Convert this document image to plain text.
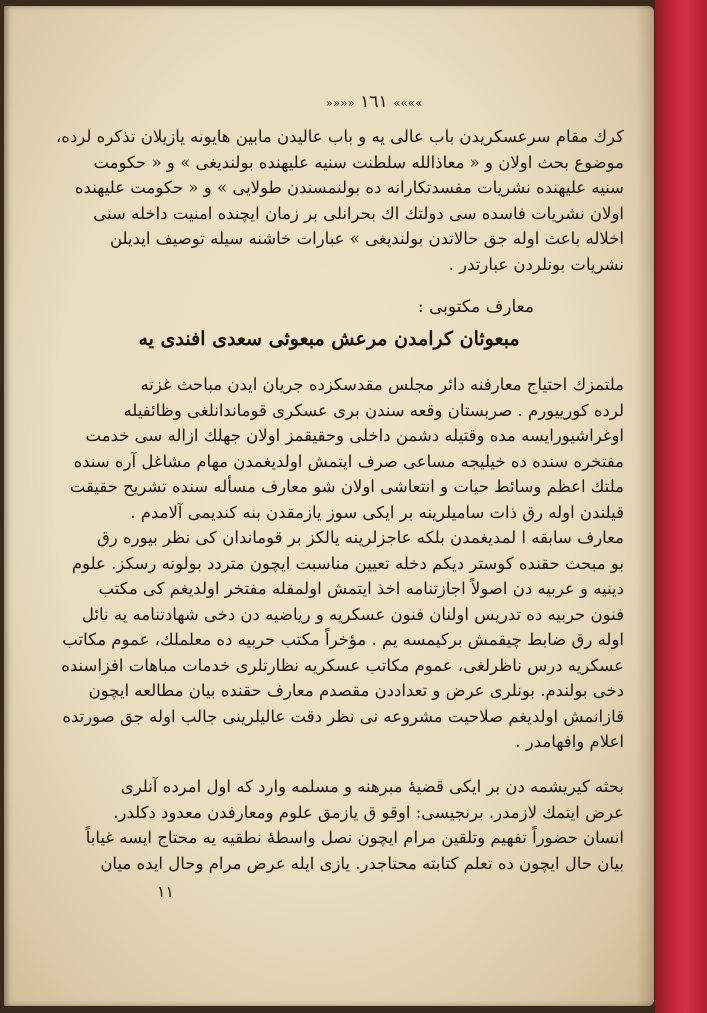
»»»» ١٦١ ««««
كرك مقام سرعسكريدن باب عالى يه و باب عاليدن مابين هايونه يازيلان تذكره لرده،
موضوع بحث اولان و « معاذالله سلطنت سنيه عليهنده بولنديغى » و « حكومت
سنيه عليهنده نشريات مفسدتكارانه ده بولنمسندن طولايى » و « حكومت عليهنده
اولان نشريات فاسده سى دولتك اك بحرانلى بر زمان ايچنده امنيت داخله سنى
اخلاله باعث اوله جق حالاتدن بولنديغى » عبارات خاشنه سيله توصيف ايديلن
نشريات بونلردن عبارتدر .
معارف مكتوبى :
مبعوثان كرامدن مرعش مبعوثى سعدى افندى يه
ملتمزك احتياج معارفنه دائر مجلس مقدسكزده جريان ايدن مباحث غزته
لرده كورييورم . صربستان وقعه سندن برى عسكرى قوماندانلغى وظائفيله
اوغراشيورايسه مده وقتيله دشمن داخلى وحقيقمز اولان جهلك ازاله سى خدمت
مفتخره سنده ده خيليجه مساعى صرف ايتمش اولديغمدن مهام مشاغل آره سنده
ملتك اعظم وسائط حيات و انتعاشى اولان شو معارف مسأله سنده تشريح حقيقت
قيلندن اوله رق ذات ساميلرينه بر ايكى سوز يازمقدن بنه كنديمى آلامدم .
معارف سابقه ا لمديغمدن بلكه عاجزلرينه يالكز بر قوماندان كى نظر بيوره رق
بو مبحث حقنده كوستر ديكم دخله تعيين مناسبت ايچون متردد بولونه رسكز. علوم
دينيه و عربيه دن اصولاً اجازتنامه اخذ ايتمش اولمقله مفتخر اولديغم كى مكتب
فنون حربيه ده تدريس اولنان فنون عسكريه و رياضيه دن دخى شهادتنامه يه نائل
اوله رق ضابط چيقمش بركيمسه يم . مؤخراً مكتب حربيه ده معلملك، عموم مكاتب
عسكريه درس ناظرلغى، عموم مكاتب عسكريه نظارتلرى خدمات مباهات افزاسنده
دخى بولندم. بونلرى عرض و تعداددن مقصدم معارف حقنده بيان مطالعه ايچون
قازانمش اولديغم صلاحيت مشروعه نى نظر دقت عاليلرينى جالب اوله جق صورتده
اعلام وافهامدر .
بحثه كيريشمه دن بر ايكى قضيهٔ مبرهنه و مسلمه وارد كه اول امرده آنلرى
عرض ايتمك لازمدر. برنجيسى: اوقو ق يازمق علوم ومعارفدن معدود دكلدر.
انسان حضوراً تفهيم وتلقين مرام ايچون نصل واسطهٔ نطقيه يه محتاج ايسه غياباً
بيان حال ايچون ده تعلم كتابته محتاجدر. يازى ايله عرض مرام وحال ايده ميان
١١
